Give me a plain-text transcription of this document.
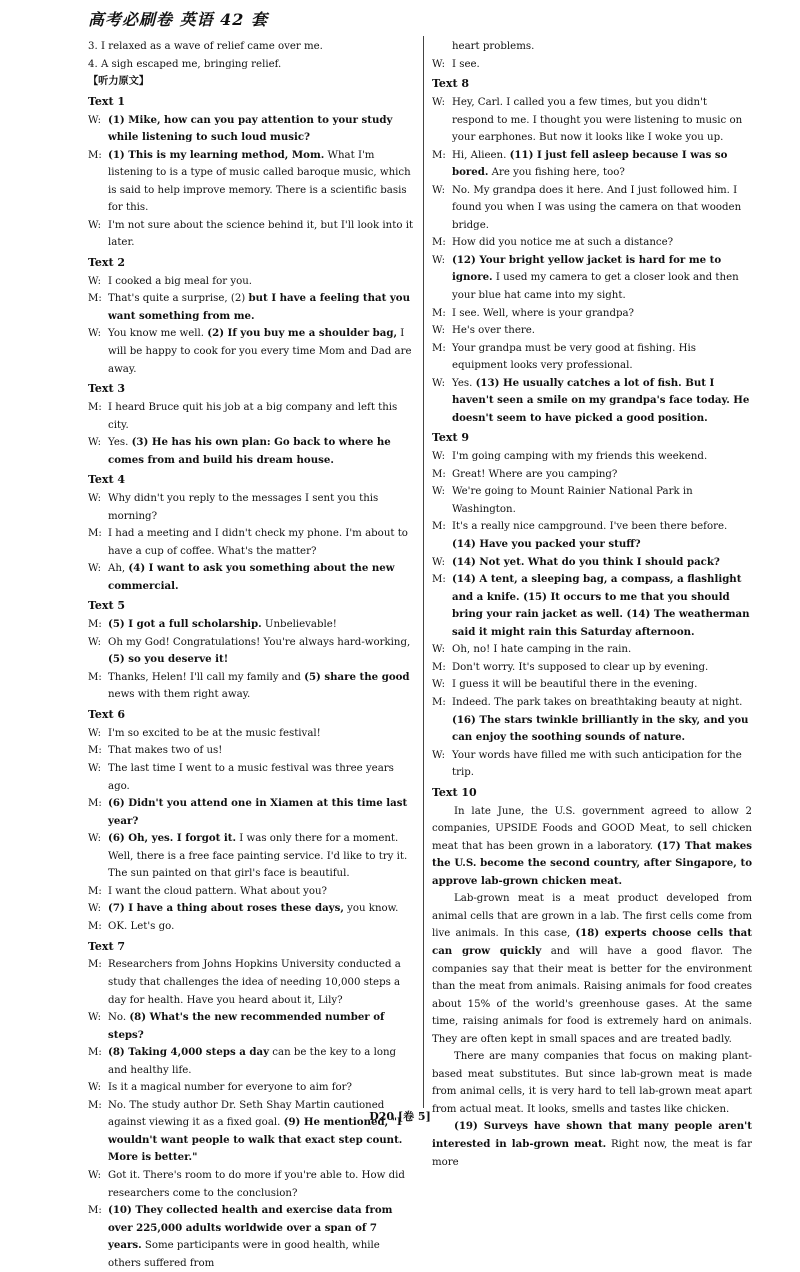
高考必刷卷 英语 42 套

3. I relaxed as a wave of relief came over me.

4. A sigh escaped me, bringing relief.

【听力原文】

Text 1

W: (1) Mike, how can you pay attention to your study while listening to such loud music?

M: (1) This is my learning method, Mom. What I'm listening to is a type of music called baroque music, which is said to help improve memory. There is a scientific basis for this.

W: I'm not sure about the science behind it, but I'll look into it later.

Text 2

W: I cooked a big meal for you.

M: That's quite a surprise, (2) but I have a feeling that you want something from me.

W: You know me well. (2) If you buy me a shoulder bag, I will be happy to cook for you every time Mom and Dad are away.

Text 3

M: I heard Bruce quit his job at a big company and left this city.

W: Yes. (3) He has his own plan: Go back to where he comes from and build his dream house.

Text 4

W: Why didn't you reply to the messages I sent you this morning?

M: I had a meeting and I didn't check my phone. I'm about to have a cup of coffee. What's the matter?

W: Ah, (4) I want to ask you something about the new commercial.

Text 5

M: (5) I got a full scholarship. Unbelievable!

W: Oh my God! Congratulations! You're always hard-working, (5) so you deserve it!

M: Thanks, Helen! I'll call my family and (5) share the good news with them right away.

Text 6

W: I'm so excited to be at the music festival!

M: That makes two of us!

W: The last time I went to a music festival was three years ago.

M: (6) Didn't you attend one in Xiamen at this time last year?

W: (6) Oh, yes. I forgot it. I was only there for a moment. Well, there is a free face painting service. I'd like to try it. The sun painted on that girl's face is beautiful.

M: I want the cloud pattern. What about you?

W: (7) I have a thing about roses these days, you know.

M: OK. Let's go.

Text 7

M: Researchers from Johns Hopkins University conducted a study that challenges the idea of needing 10,000 steps a day for health. Have you heard about it, Lily?

W: No. (8) What's the new recommended number of steps?

M: (8) Taking 4,000 steps a day can be the key to a long and healthy life.

W: Is it a magical number for everyone to aim for?

M: No. The study author Dr. Seth Shay Martin cautioned against viewing it as a fixed goal. (9) He mentioned, "I wouldn't want people to walk that exact step count. More is better."

W: Got it. There's room to do more if you're able to. How did researchers come to the conclusion?

M: (10) They collected health and exercise data from over 225,000 adults worldwide over a span of 7 years. Some participants were in good health, while others suffered from

heart problems.

W: I see.

Text 8

W: Hey, Carl. I called you a few times, but you didn't respond to me. I thought you were listening to music on your earphones. But now it looks like I woke you up.

M: Hi, Alieen. (11) I just fell asleep because I was so bored. Are you fishing here, too?

W: No. My grandpa does it here. And I just followed him. I found you when I was using the camera on that wooden bridge.

M: How did you notice me at such a distance?

W: (12) Your bright yellow jacket is hard for me to ignore. I used my camera to get a closer look and then your blue hat came into my sight.

M: I see. Well, where is your grandpa?

W: He's over there.

M: Your grandpa must be very good at fishing. His equipment looks very professional.

W: Yes. (13) He usually catches a lot of fish. But I haven't seen a smile on my grandpa's face today. He doesn't seem to have picked a good position.

Text 9

W: I'm going camping with my friends this weekend.

M: Great! Where are you camping?

W: We're going to Mount Rainier National Park in Washington.

M: It's a really nice campground. I've been there before. (14) Have you packed your stuff?

W: (14) Not yet. What do you think I should pack?

M: (14) A tent, a sleeping bag, a compass, a flashlight and a knife. (15) It occurs to me that you should bring your rain jacket as well. (14) The weatherman said it might rain this Saturday afternoon.

W: Oh, no! I hate camping in the rain.

M: Don't worry. It's supposed to clear up by evening.

W: I guess it will be beautiful there in the evening.

M: Indeed. The park takes on breathtaking beauty at night. (16) The stars twinkle brilliantly in the sky, and you can enjoy the soothing sounds of nature.

W: Your words have filled me with such anticipation for the trip.

Text 10

In late June, the U.S. government agreed to allow 2 companies, UPSIDE Foods and GOOD Meat, to sell chicken meat that has been grown in a laboratory. (17) That makes the U.S. become the second country, after Singapore, to approve lab-grown chicken meat.

Lab-grown meat is a meat product developed from animal cells that are grown in a lab. The first cells come from live animals. In this case, (18) experts choose cells that can grow quickly and will have a good flavor. The companies say that their meat is better for the environment than the meat from animals. Raising animals for food creates about 15% of the world's greenhouse gases. At the same time, raising animals for food is extremely hard on animals. They are often kept in small spaces and are treated badly.

There are many companies that focus on making plant-based meat substitutes. But since lab-grown meat is made from animal cells, it is very hard to tell lab-grown meat apart from actual meat. It looks, smells and tastes like chicken.

(19) Surveys have shown that many people aren't interested in lab-grown meat. Right now, the meat is far more

D20 [卷 5]
